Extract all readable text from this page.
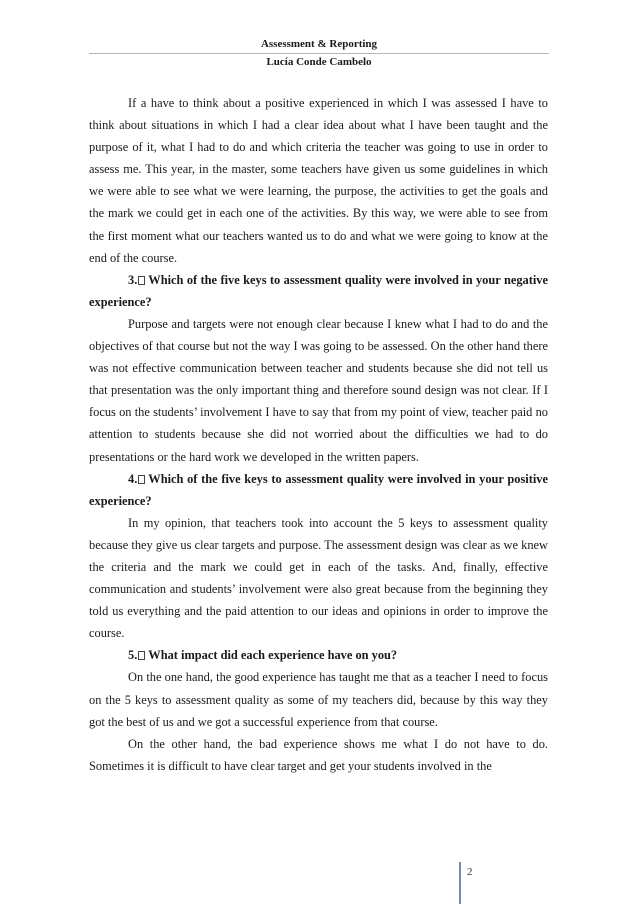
Assessment & Reporting
Lucía Conde Cambelo

If a have to think about a positive experienced in which I was assessed I have to think about situations in which I had a clear idea about what I have been taught and the purpose of it, what I had to do and which criteria the teacher was going to use in order to assess me. This year, in the master, some teachers have given us some guidelines in which we were able to see what we were learning, the purpose, the activities to get the goals and the mark we could get in each one of the activities. By this way, we were able to see from the first moment what our teachers wanted us to do and what we were going to know at the end of the course.

3. Which of the five keys to assessment quality were involved in your negative experience?

Purpose and targets were not enough clear because I knew what I had to do and the objectives of that course but not the way I was going to be assessed. On the other hand there was not effective communication between teacher and students because she did not tell us that presentation was the only important thing and therefore sound design was not clear. If I focus on the students’ involvement I have to say that from my point of view, teacher paid no attention to students because she did not worried about the difficulties we had to do presentations or the hard work we developed in the written papers.

4. Which of the five keys to assessment quality were involved in your positive experience?

In my opinion, that teachers took into account the 5 keys to assessment quality because they give us clear targets and purpose. The assessment design was clear as we knew the criteria and the mark we could get in each of the tasks. And, finally, effective communication and students’ involvement were also great because from the beginning they told us everything and the paid attention to our ideas and opinions in order to improve the course.

5. What impact did each experience have on you?

On the one hand, the good experience has taught me that as a teacher I need to focus on the 5 keys to assessment quality as some of my teachers did, because by this way they got the best of us and we got a successful experience from that course.

On the other hand, the bad experience shows me what I do not have to do. Sometimes it is difficult to have clear target and get your students involved in the

2
